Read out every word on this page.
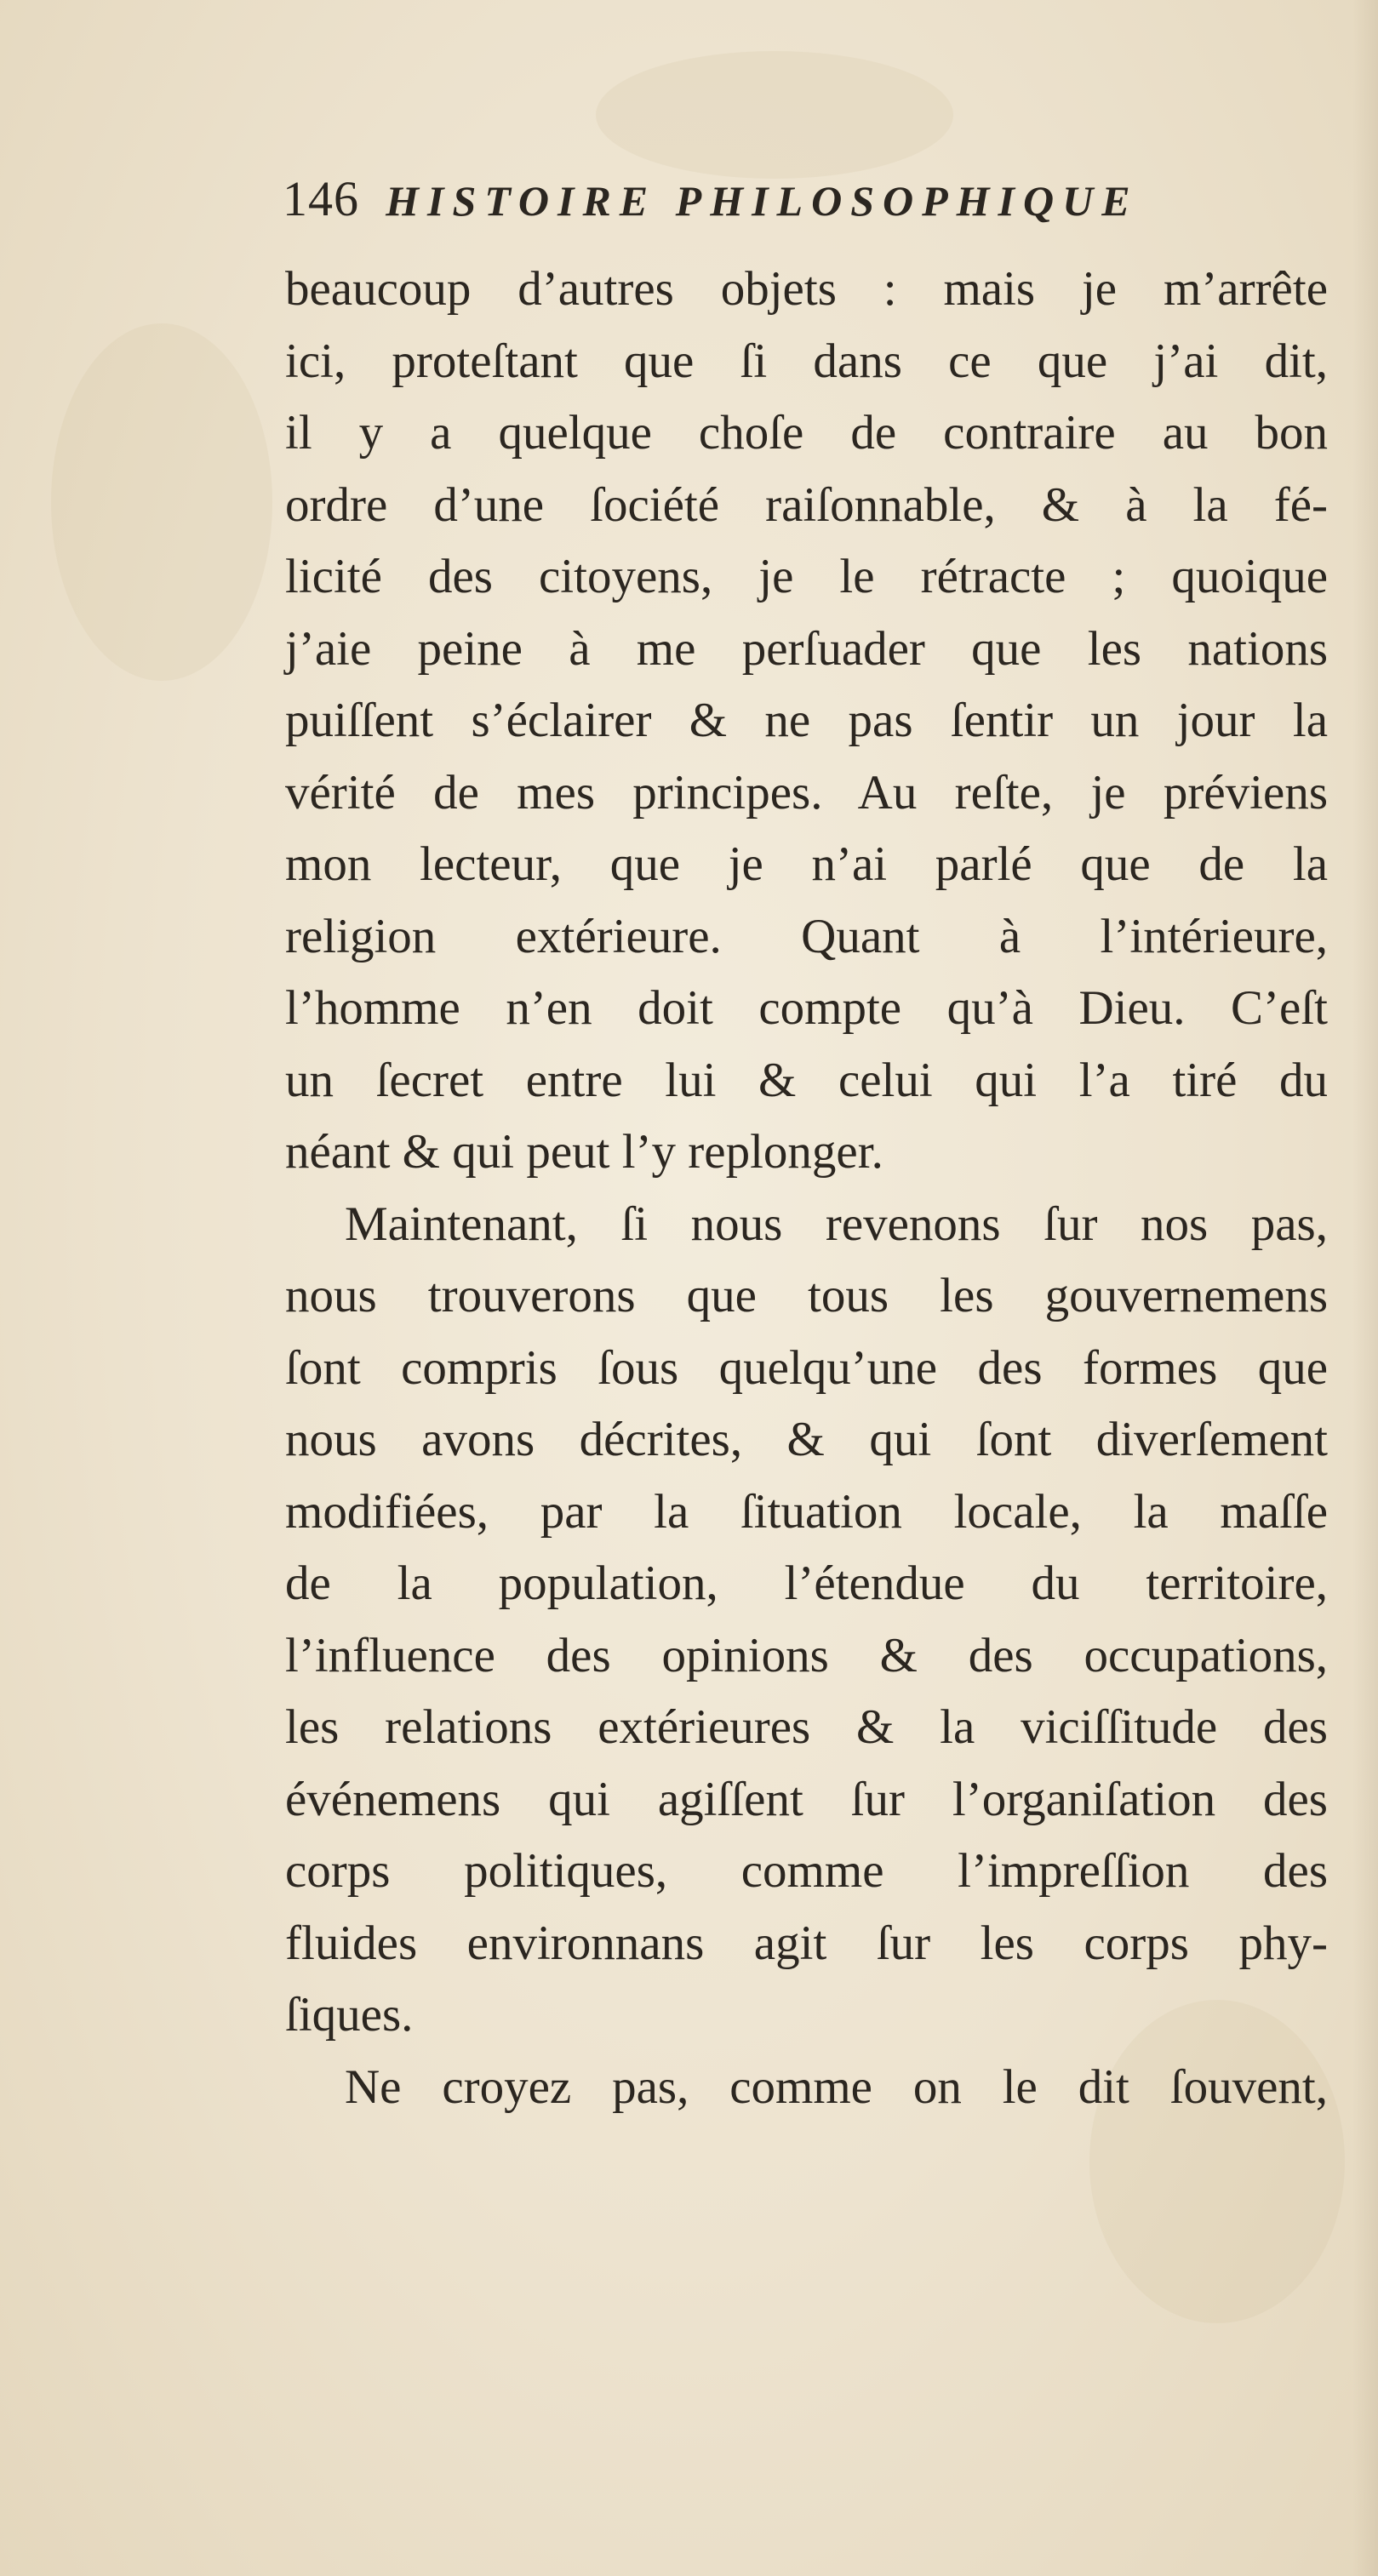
146 HISTOIRE PHILOSOPHIQUE
beaucoup d’autres objets : mais je m’arrête
ici, proteſtant que ſi dans ce que j’ai dit,
il y a quelque choſe de contraire au bon
ordre d’une ſociété raiſonnable, & à la fé-
licité des citoyens, je le rétracte ; quoique
j’aie peine à me perſuader que les nations
puiſſent s’éclairer & ne pas ſentir un jour la
vérité de mes principes. Au reſte, je préviens
mon lecteur, que je n’ai parlé que de la
religion extérieure. Quant à l’intérieure,
l’homme n’en doit compte qu’à Dieu. C’eſt
un ſecret entre lui & celui qui l’a tiré du
néant & qui peut l’y replonger.
Maintenant, ſi nous revenons ſur nos pas,
nous trouverons que tous les gouvernemens
ſont compris ſous quelqu’une des formes que
nous avons décrites, & qui ſont diverſement
modifiées, par la ſituation locale, la maſſe
de la population, l’étendue du territoire,
l’influence des opinions & des occupations,
les relations extérieures & la viciſſitude des
événemens qui agiſſent ſur l’organiſation des
corps politiques, comme l’impreſſion des
fluides environnans agit ſur les corps phy-
ſiques.
Ne croyez pas, comme on le dit ſouvent,
